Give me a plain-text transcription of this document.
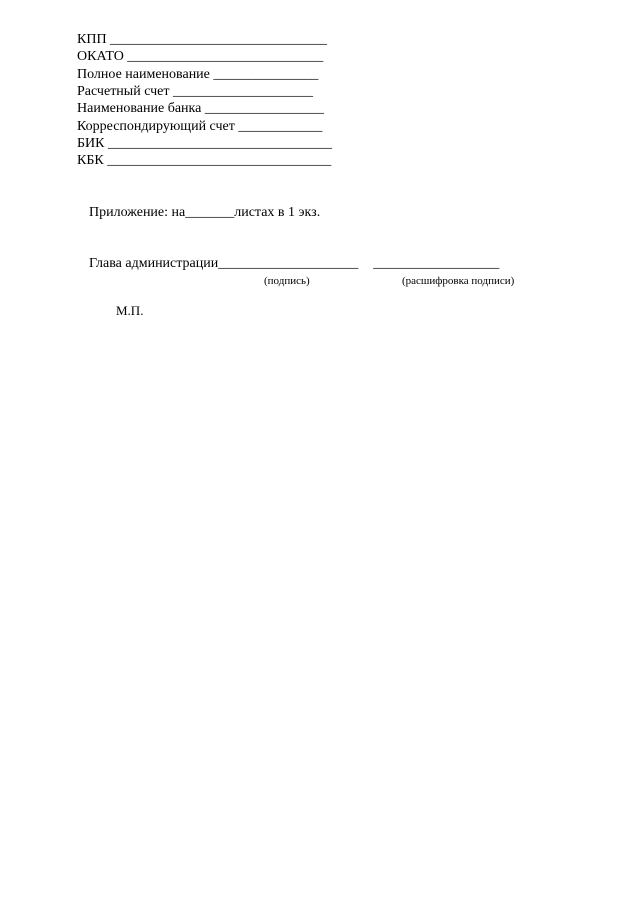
КПП _______________________________
ОКАТО ____________________________
Полное наименование _______________
Расчетный счет ____________________
Наименование банка _________________
Корреспондирующий счет ____________
БИК ________________________________
КБК ________________________________
Приложение: на_______листах в 1 экз.
Глава администрации____________________ __________________
(подпись)	(расшифровка подписи)
М.П.
